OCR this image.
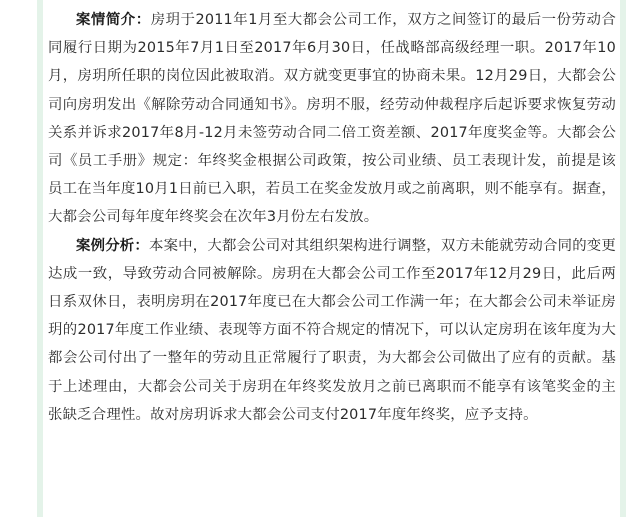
案情简介：房玥于2011年1月至大都会公司工作，双方之间签订的最后一份劳动合同履行日期为2015年7月1日至2017年6月30日，任战略部高级经理一职。2017年10月，房玥所任职的岗位因此被取消。双方就变更事宜的协商未果。12月29日，大都会公司向房玥发出《解除劳动合同通知书》。房玥不服，经劳动仲裁程序后起诉要求恢复劳动关系并诉求2017年8月-12月未签劳动合同二倍工资差额、2017年度奖金等。大都会公司《员工手册》规定：年终奖金根据公司政策，按公司业绩、员工表现计发，前提是该员工在当年度10月1日前已入职，若员工在奖金发放月或之前离职，则不能享有。据查，大都会公司每年度年终奖会在次年3月份左右发放。

案例分析：本案中，大都会公司对其组织架构进行调整，双方未能就劳动合同的变更达成一致，导致劳动合同被解除。房玥在大都会公司工作至2017年12月29日，此后两日系双休日，表明房玥在2017年度已在大都会公司工作满一年；在大都会公司未举证房玥的2017年度工作业绩、表现等方面不符合规定的情况下，可以认定房玥在该年度为大都会公司付出了一整年的劳动且正常履行了职责，为大都会公司做出了应有的贡献。基于上述理由，大都会公司关于房玥在年终奖发放月之前已离职而不能享有该笔奖金的主张缺乏合理性。故对房玥诉求大都会公司支付2017年度年终奖，应予支持。
